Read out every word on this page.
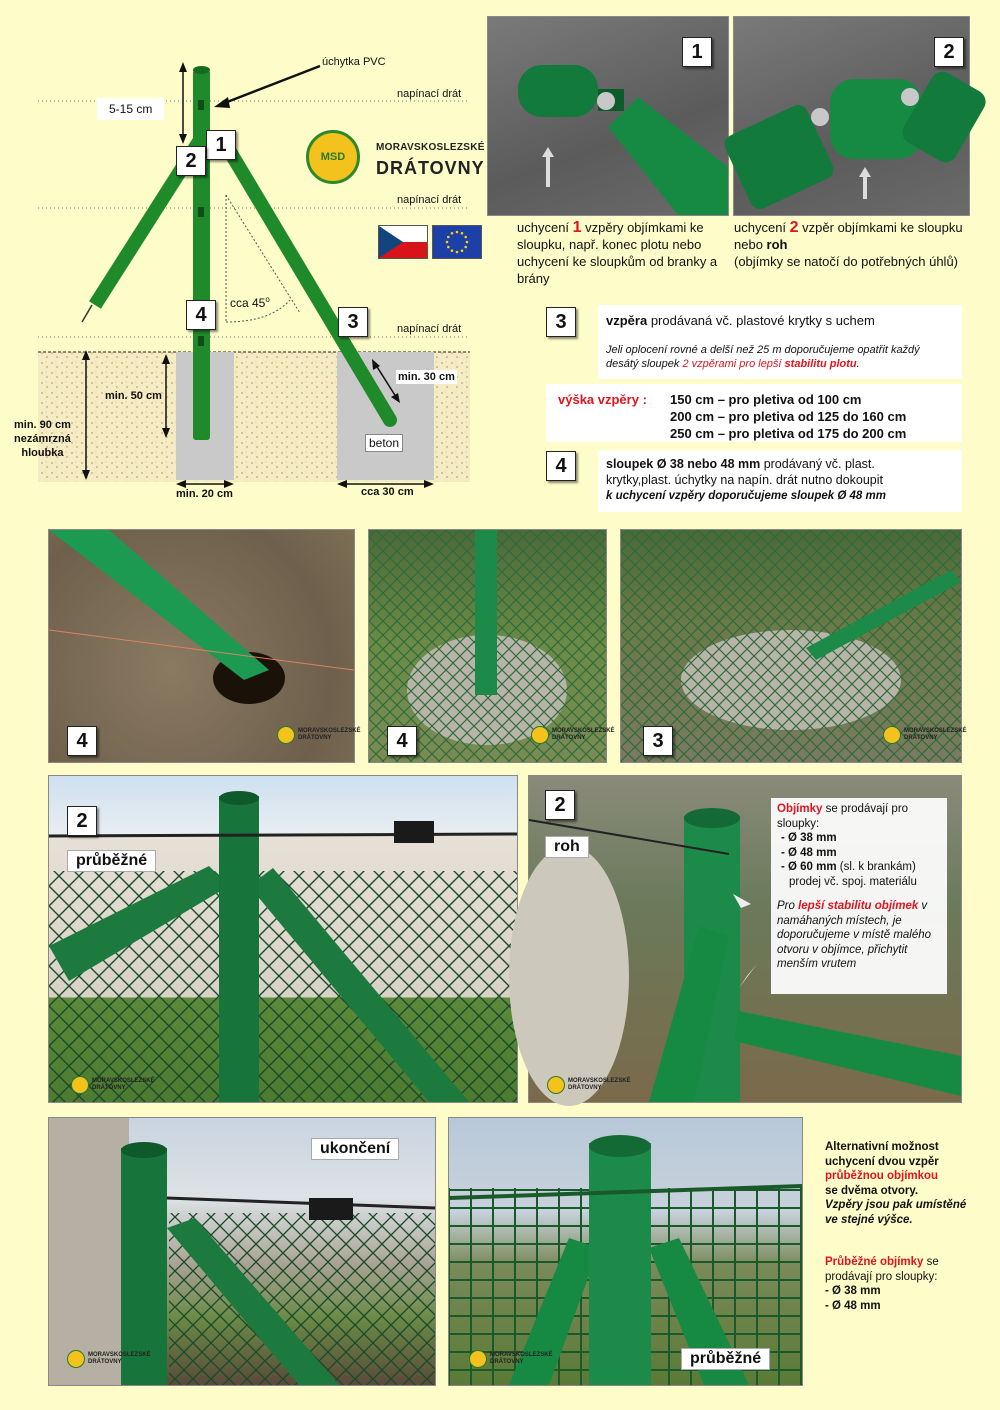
úchytka PVC
napínací drát
napínací drát
napínací drát
5-15 cm
cca 45$^o$
min. 50 cm
min. 90 cm
nezámrzná
hloubka
min. 30 cm
beton
min. 20 cm	cca 30 cm
1
2
3
4
MSD
MORAVSKOSLEZSKÉ
DRÁTOVNY
1	2
uchycení 1 vzpěry objímkami ke sloupku, např. konec plotu nebo uchycení ke sloupkům od branky a brány
uchycení 2 vzpěr objímkami ke sloupku nebo roh
(objímky se natočí do potřebných úhlů)
3	vzpěra prodávaná vč. plastové krytky s uchem
Jeli oplocení rovné a delší než 25 m doporučujeme opatřit každý desátý sloupek 2 vzpěrami pro lepší stabilitu plotu.
výška vzpěry : 150 cm – pro pletiva od 100 cm
200 cm – pro pletiva od 125 do 160 cm
250 cm – pro pletiva od 175 do 200 cm
4	sloupek Ø 38 nebo 48 mm prodávaný vč. plast.
krytky,plast. úchytky na napín. drát nutno dokoupit
k uchycení vzpěry doporučujeme sloupek Ø 48 mm
4	MORAVSKOSLEZSKÉ
DRÁTOVNY	4	MORAVSKOSLEZSKÉ
DRÁTOVNY	3	MORAVSKOSLEZSKÉ
DRÁTOVNY
2
průběžné
MORAVSKOSLEZSKÉ
DRÁTOVNY
2
roh
Objímky se prodávají pro sloupky:
- Ø 38 mm
- Ø 48 mm
- Ø 60 mm (sl. k brankám)
prodej vč. spoj. materiálu
Pro lepší stabilitu objímek v namáhaných místech, je doporučujeme v místě malého otvoru v objímce, přichytit menším vrutem
MORAVSKOSLEZSKÉ
DRÁTOVNY
ukončení
MORAVSKOSLEZSKÉ
DRÁTOVNY	průběžné
MORAVSKOSLEZSKÉ
DRÁTOVNY
Alternativní možnost
uchycení dvou vzpěr
průběžnou objímkou
se dvěma otvory.
Vzpěry jsou pak umístěné
ve stejné výšce.
Průběžné objímky se
prodávají pro sloupky:
- Ø 38 mm
- Ø 48 mm
